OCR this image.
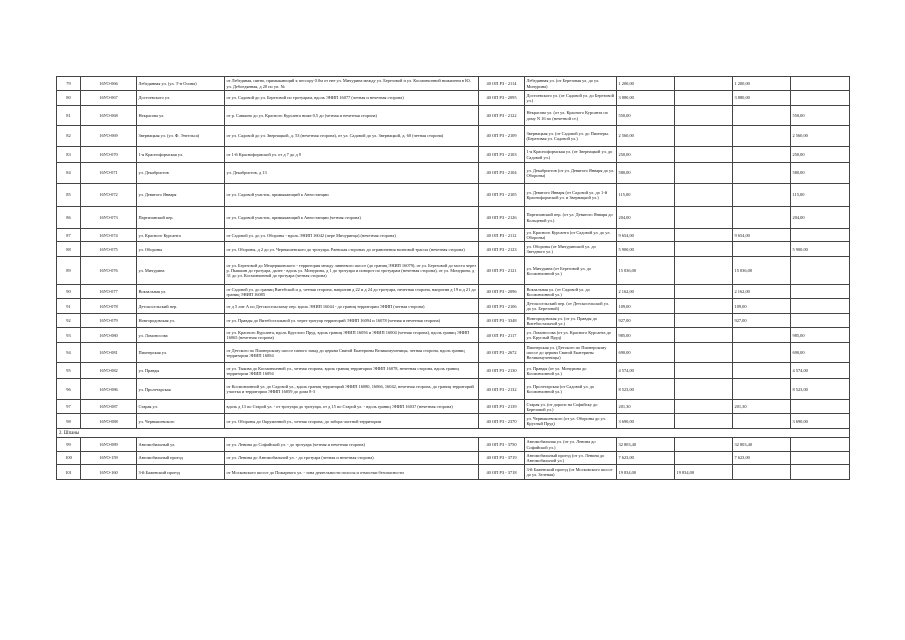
79	16УО-066	Лебедянная ул. (ул. Т-н Осина)	от Лебедяная, пятно, примыкающий к пессору 0.0м от нее ул. Мичурина между ул. Березовой и ул. Космовчонной нижилени в Ю, ул. Дебоедянная, д 20 по уп. №	40 ОП РЗ - 2114	Лебедянная ул. (от Березовая ул. до ул. Мичурина)	1 200,00		1 200,00	
80	16УО-067	Достоевского ул.	от ул. Садовой до ул. Березовой по тротуарам, вдоль ЭНИП 16077 (четная и нечетная сторона)	40 ОП РЗ - 2095	Достоевского ул. (от Садовой ул. до Березовой ул.)	3 880,00		3 880,00	
81	16УО-068	Некрасова ул.	от р. Савкино до ул. Красного Курсанта ниже 0,5 до (четная и нечетная сторона)	40 ОП РЗ - 2122	Некрасова ул. (от ул. Красного Курсанта по дому N 16 по (нечетной ст.)	550,00			550,00
82	16УО-069	Звернацкая ул. (ул. Ф. Энгельса)	от ул. Садовой до ул. Звернацкой, д. 53 (нечетная сторона), от ул. Садовой до ул. Звернацкой, д. 60 (четная сторона)	40 ОП РЗ - 2109	Звернацкая ул. (от Садовой ул. до Пионеры. (Березовая ул. Садовой ул.)	2 560,00			2 560,00
83	16УО-070	1-я Красноформская ул.	от 1-й Красноформской ул. от д 7 до д 9	40 ОП РЗ - 2103	1-я Красноформская ул. (от Звернацкой ул. до Садовой ул.)	250,00			250,00
84	16УО-071	ул. Декабристов	ул. Декабристов, д 13	40 ОП РЗ - 2104	ул. Декабристов (от ул. Девятого Января до ул. Обороны)	580,00			580,00
85	16УО-072	ул. Девятого Января	от ул. Садовой участок, примыкающий к Автостанции	40 ОП РЗ - 2105	ул. Девятого Января (от Садовой ул. до 1-й Красноформской ул. и Звернацкой ул.)	115,00			115,00
86	16УО-073	Партизанский пер.	от ул. Садовой участок, примыкающий к Автостанции (четная сторона)	40 ОП РЗ - 2126	Партизанский пер. (от ул. Девятого Января до Кольцевой ул.)	204,00			204,00
87	16УО-074	ул. Красного Курсанта	от Садовой ул. до ул. Обороны - вдоль ЭНИП 16042 (пере Мичуринца) (нечетная сторона)	40 ОП РЗ - 2112	ул. Красного Курсанта (от Садовой ул. до ул. Обороны)	9 654,00		9 654,00	
88	16УО-075	ул. Обороны	от ул. Обороны, д 2 до ул. Чернышевского до тротуара. Раевская сторонах до ограничения волновой трассы (нечетная сторона)	40 ОП РЗ - 2123	ул. Обороны (от Мичуринской ул. до Звездного ул.)	5 900,00			5 900,00
89	16УО-076	ул. Мичурина	от ул. Березовой до Мещеряковского - территория между ливневого шоссе (до границ ЭНИП 16079), от ул. Березовой до моста через р. Пышкин до тротуара, далее - вдоль ул. Мичурина, д 1 до тротуара и поворот по тротуарам (нечетная сторона), от ул. Мичурина, д 31 до ул. Космовчонной до тротуара (четная сторона)	40 ОП РЗ - 2121	ул. Мичурина (от Березовой ул. до Космовчонной ул.)	15 036,00		15 036,00	
90	16УО-077	Вокзальная ул.	от Садовой ул. до границ Витебской и д. четная сторона, напротив д 22 и д 24 до тротуара, нечетная сторона, напротив д 19 и д 21 до границ ЭНИП 16085	40 ОП РЗ - 2096	Вокзальная ул. (от Садовой ул. до Космовчонной ул.)	2 162,00		2 162,00	
91	16УО-078	Детскосельский пер.	от д 5 лит А по Детскосельскому пер. вдоль ЭНИП 16044 - до границ территории ЭНИП (четная сторона)	40 ОП РЗ - 2106	Детскосельский пер. (от Детскосельской ул. до ул. Березовой)	109,00		109,00	
92	16УО-079	Новгородовская ул.	от ул. Правды до Витебостальной ул. через тротуар территорий ЭНИП 16094 и 16078 (четная и нечетная сторона)	40 ОП РЗ - 3348	Новгородовская ул. (от ул. Правды до Витебостальной ул.)	927,00		927,00	
93	16УО-080	ул. Ломоносова	от ул. Красного Курсанта, вдоль Круглого Пруд, вдоль границ ЭНИП 16056 и ЭНИП 16004 (четная сторона), вдоль границ ЭНИП 16065 (нечетная сторона)	40 ОП РЗ - 2117	ул. Ломоносова (от ул. Красного Курсанта до ул. Круглый Пруд)	985,00			985,00
94	16УО-081	Пионерская ул.	от Детского по Пионерскому шоссе паного запад до церкви Святой Екатерины Великомученицы, четная сторона, вдоль границ территории ЭНИП 16084	40 ОП РЗ - 2672	Пионерская ул. (Детского по Пионерскому шоссе до церкви Святой Екатерины Великомученицы)	690,00			690,00
95	16УО-082	ул. Правды	от ул. Тыкова до Космовчонной ул., четная сторона, вдоль границ территории ЭНИП 16078, нечетная сторона, вдоль границ территории ЭНИП 16094	40 ОП РЗ - 2130	ул. Правды (от ул. Мичурина до Космовчонной ул.)	4 574,00			4 574,00
96	16УО-086	ул. Пролетарская	от Космовчонной ул. до Садовой ул., вдоль границ территорий ЭНИП 16080, 16066, 16042, нечетная сторона, до границ территорий участка и территории ЭНИП 16059 до дома 8-3	40 ОП РЗ - 2132	ул. Пролетарская (от Садовой ул. до Космовчонной ул.)	8 523,00			8 523,00
97	16УО-087	Старая ул.	вдоль д 13 по Старой ул. - от тротуара до тротуара, от д 15 по Старой ул. - вдоль границ ЭНИП 16037 (нечетная сторона)	40 ОП РЗ - 2139	Старая ул. (от дороги на Софийску до Березовой ул.)	201,30		201,30	
98	16УО-088	ул. Чернышевского	от ул. Обороны до Окруженной ул., четная сторона, до забора частной территории	40 ОП РЗ - 2370	ул. Чернышевского (от ул. Обороны до ул. Круглый Пруд)	3 690,00			3 690,00
2. Шпаны									
99	16УО-089	Автомобильный ул.	от ул. Ленина до Софийской ул. - до тротуара (четная и нечетная сторона)	40 ОП РЗ - 3750	Автомобильная ул. (от ул. Ленина до Софийской ул.)	32 803,40		32 803,40	
100	16УО-159	Автомобильный проезд	от ул. Ленина до Автомобильной ул. - до тротуара (четная и нечетная сторона)	40 ОП РЗ - 3719	Автомобильный проезд (от ул. Ленина до Автомобильной ул.)	7 623,00		7 623,00	
101	16УО-160	3-й Баженский проезд	от Московского шоссе до Пожарного ул. - зона деятельности полосы и отмостки безопасности	40 ОП РЗ - 3718	3-й Баженский проезд (от Московского шоссе до ул. Зеленая)	19 834,00	19 834,00		
